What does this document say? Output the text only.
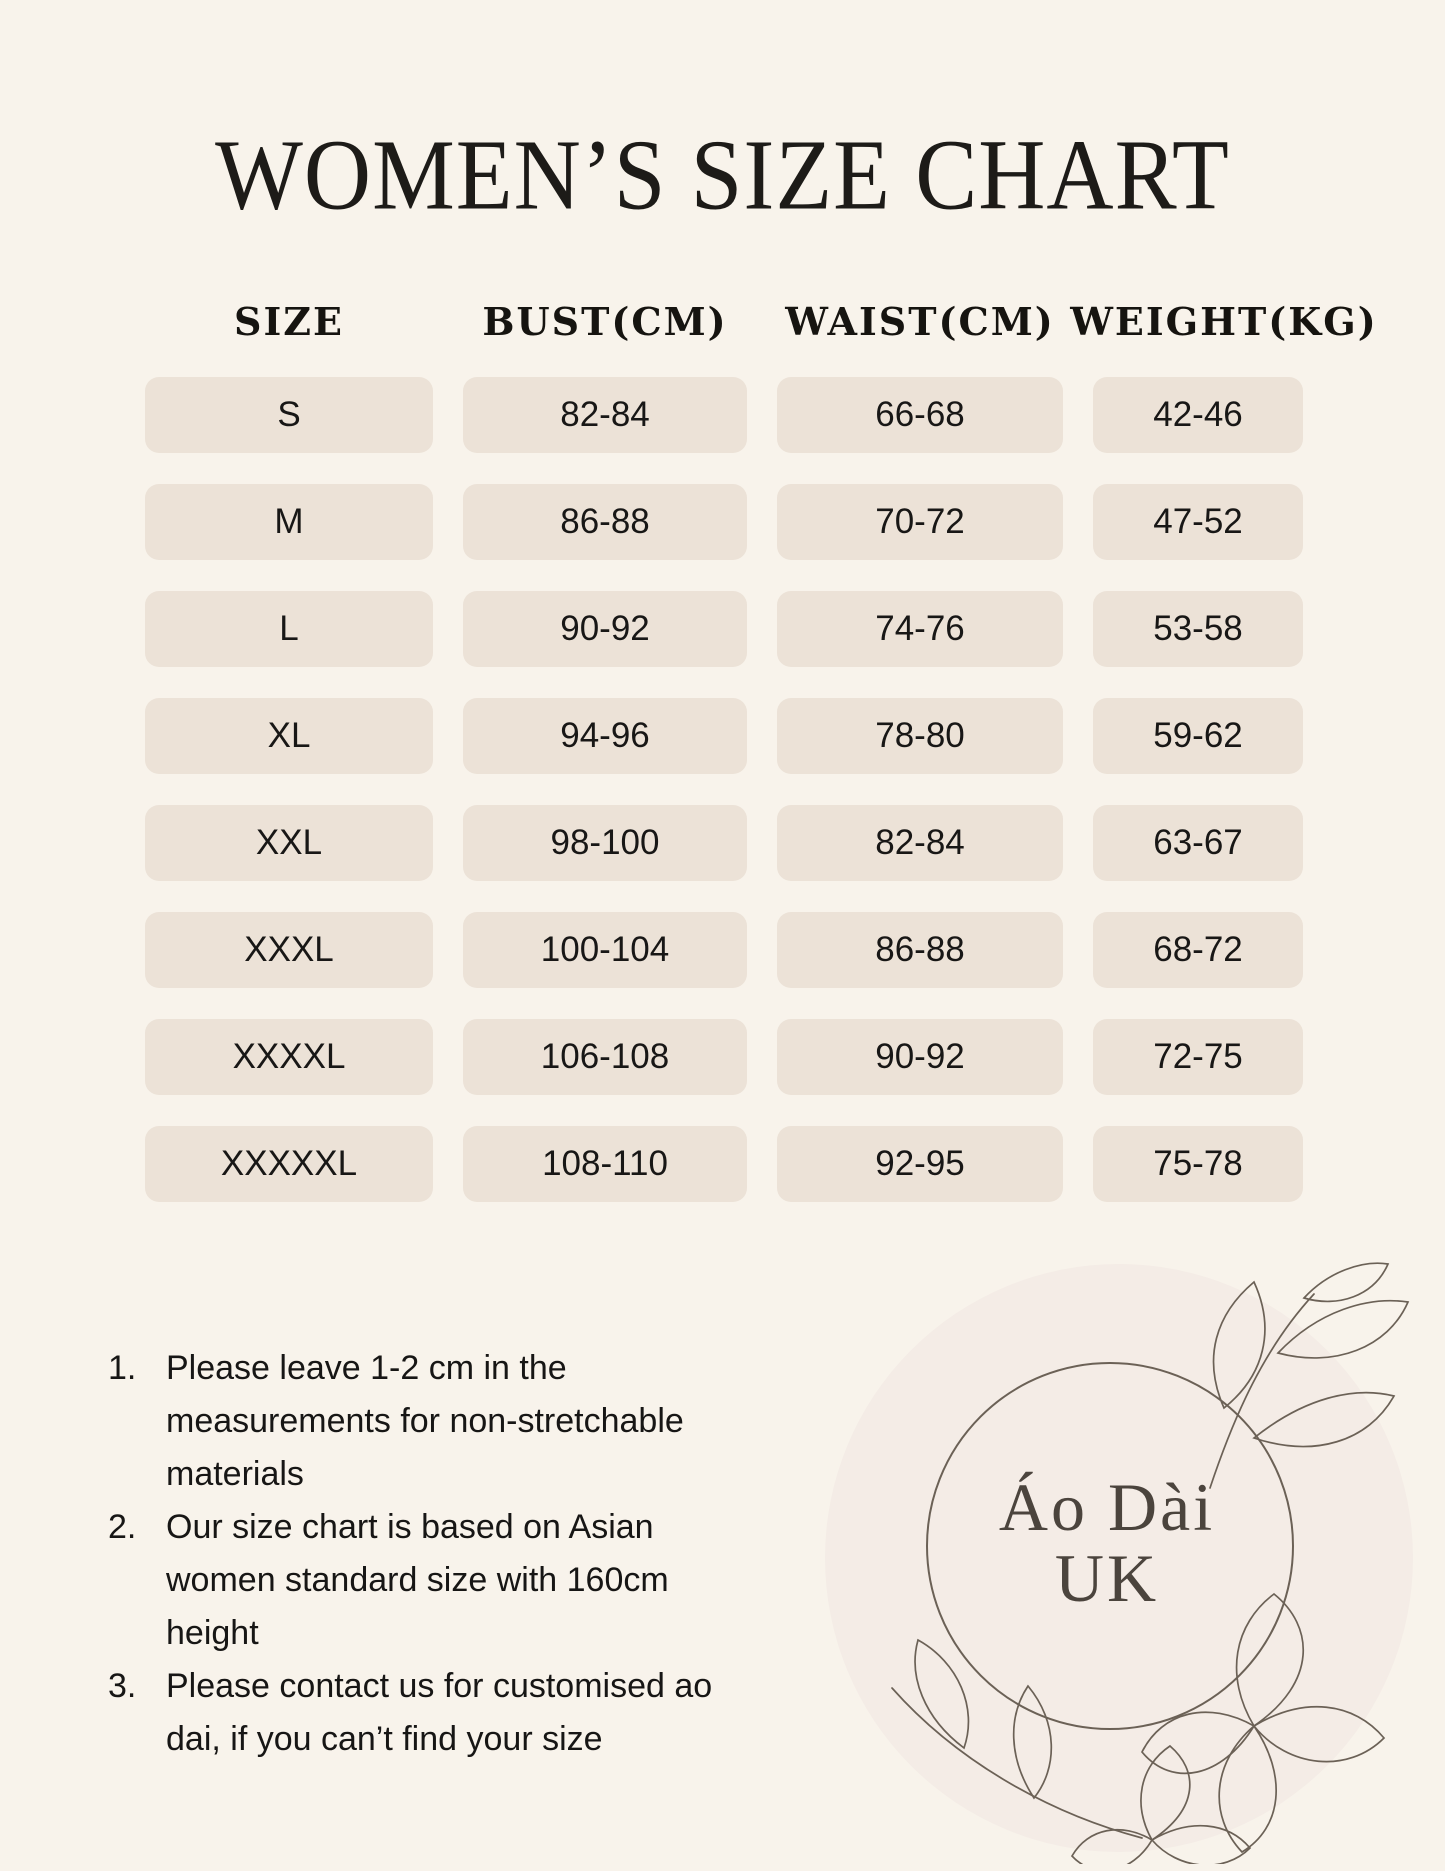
WOMEN’S SIZE CHART
SIZE	BUST(CM)	WAIST(CM) WEIGHT(KG)
S	82-84	66-68	42-46
M	86-88	70-72	47-52
L	90-92	74-76	53-58
XL	94-96	78-80	59-62
XXL	98-100	82-84	63-67
XXXL	100-104	86-88	68-72
XXXXL	106-108	90-92	72-75
XXXXXL	108-110	92-95	75-78
1. Please leave 1-2 cm in the
measurements for non-stretchable
materials
2. Our size chart is based on Asian
women standard size with 160cm
height
3. Please contact us for customised ao
dai, if you can’t find your size
Áo Dài
UK
